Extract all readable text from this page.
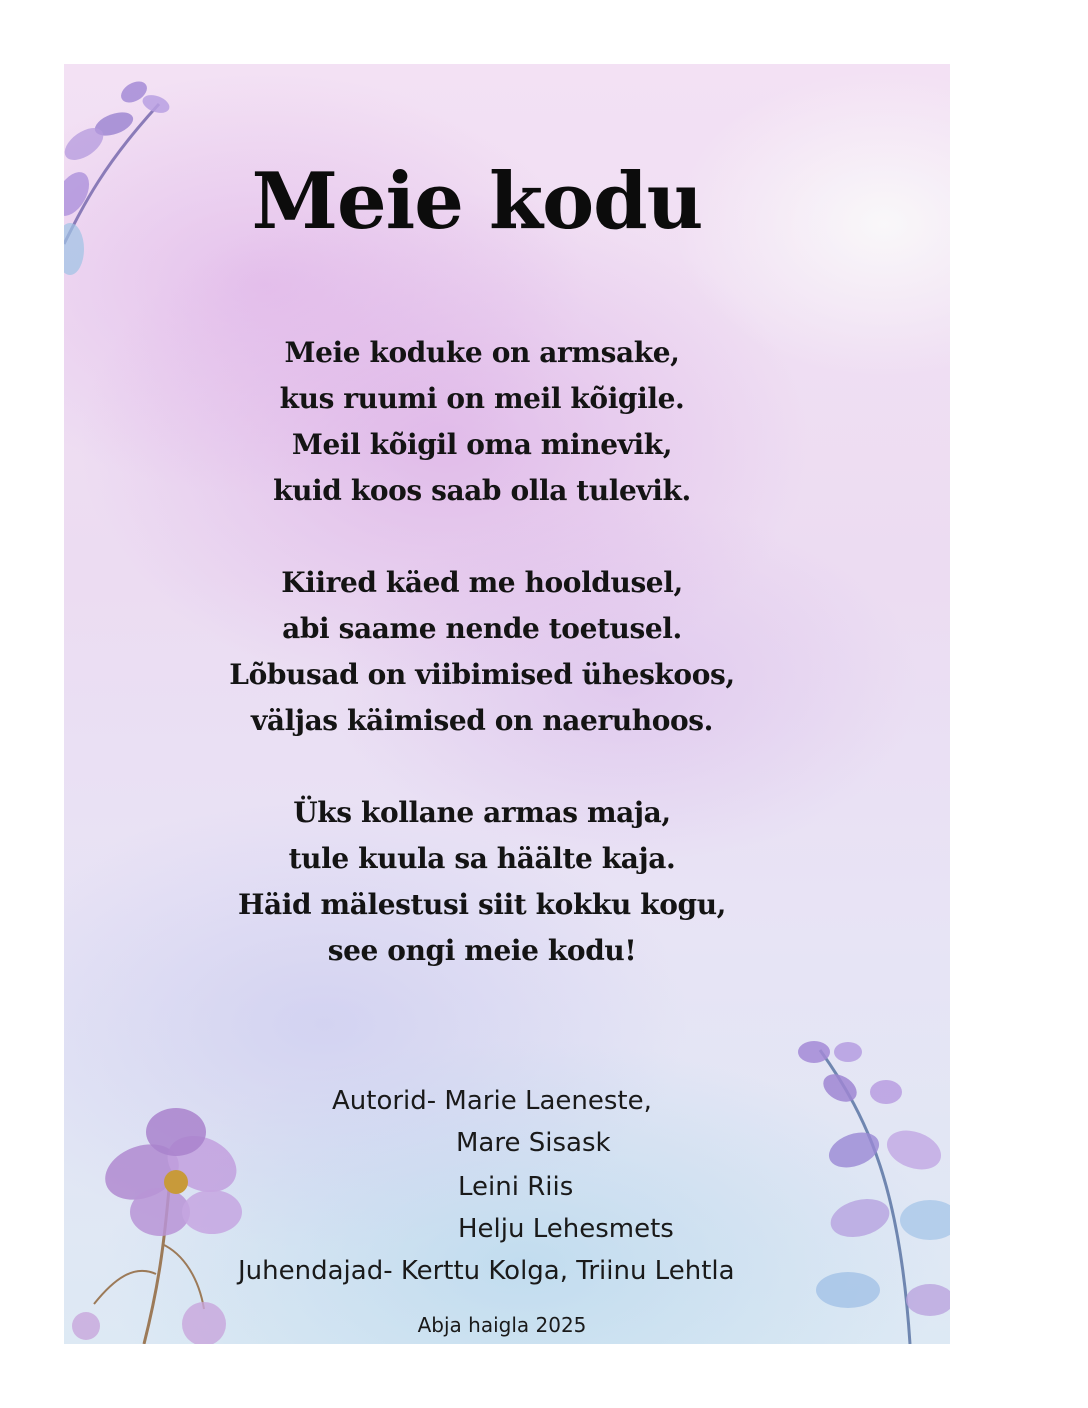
Meie kodu
Meie koduke on armsake,
kus ruumi on meil kõigile.
Meil kõigil oma minevik,
kuid koos saab olla tulevik.
Kiired käed me hooldusel,
abi saame nende toetusel.
Lõbusad on viibimised üheskoos,
väljas käimised on naeruhoos.
Üks kollane armas maja,
tule kuula sa häälte kaja.
Häid mälestusi siit kokku kogu,
see ongi meie kodu!
Autorid- Marie Laeneste,
Mare Sisask
Leini Riis
Helju Lehesmets
Juhendajad- Kerttu Kolga, Triinu Lehtla
Abja haigla 2025
